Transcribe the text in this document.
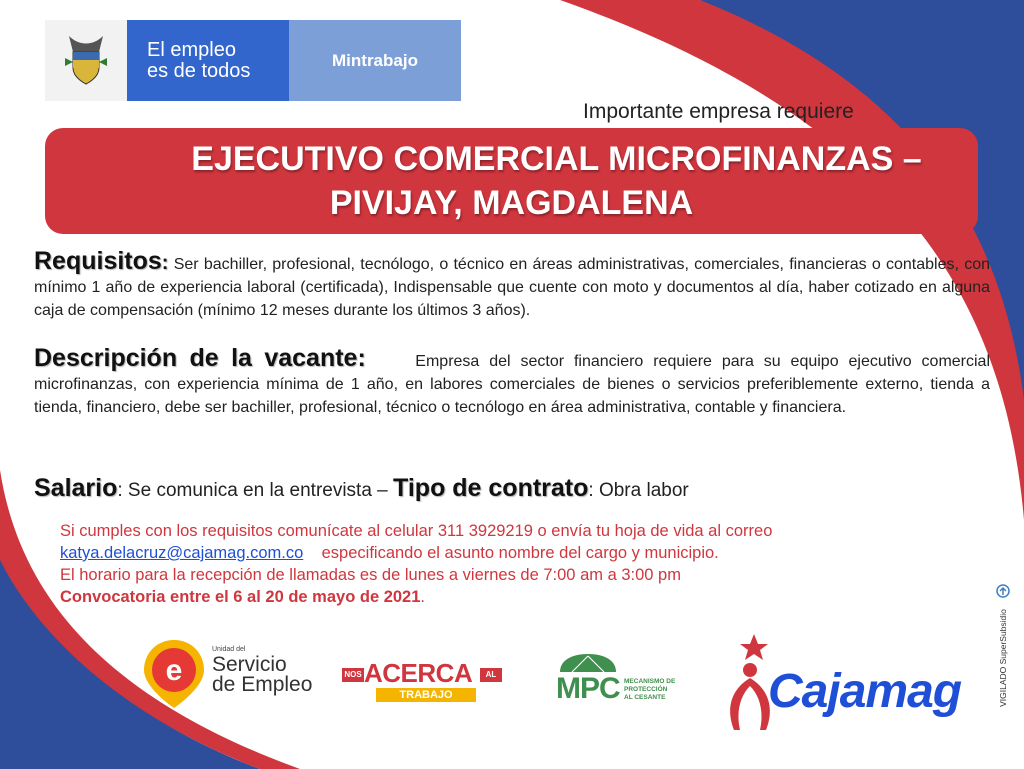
El empleo
es de todos	Mintrabajo
Importante empresa requiere
EJECUTIVO COMERCIAL MICROFINANZAS –
PIVIJAY, MAGDALENA
Requisitos: Ser bachiller, profesional, tecnólogo, o técnico en áreas administrativas, comerciales, financieras o contables, con mínimo 1 año de experiencia laboral (certificada), Indispensable que cuente con moto y documentos al día, haber cotizado en alguna caja de compensación (mínimo 12 meses durante los últimos 3 años).
Descripción de la vacante:     Empresa del sector financiero requiere para su equipo ejecutivo comercial microfinanzas, con experiencia mínima de 1 año, en labores comerciales de bienes o servicios preferiblemente externo, tienda a tienda, financiero, debe ser bachiller, profesional, técnico o tecnólogo en área administrativa, contable y financiera.
Salario: Se comunica en la entrevista – Tipo de contrato: Obra labor
Si cumples con los requisitos comunícate al celular 311 3929219 o envía tu hoja de vida al correo
katya.delacruz@cajamag.com.co    especificando el asunto nombre del cargo y municipio.
El horario para la recepción de llamadas es de lunes a viernes de 7:00 am a 3:00 pm
Convocatoria entre el 6 al 20 de mayo de 2021.
e
Unidad del
Servicio
de Empleo	NOS ACERCA	AL
TRABAJO	MPC MECANISMO DE
PROTECCIÓN
AL CESANTE Cajamag	VIGILADO SuperSubsidio
